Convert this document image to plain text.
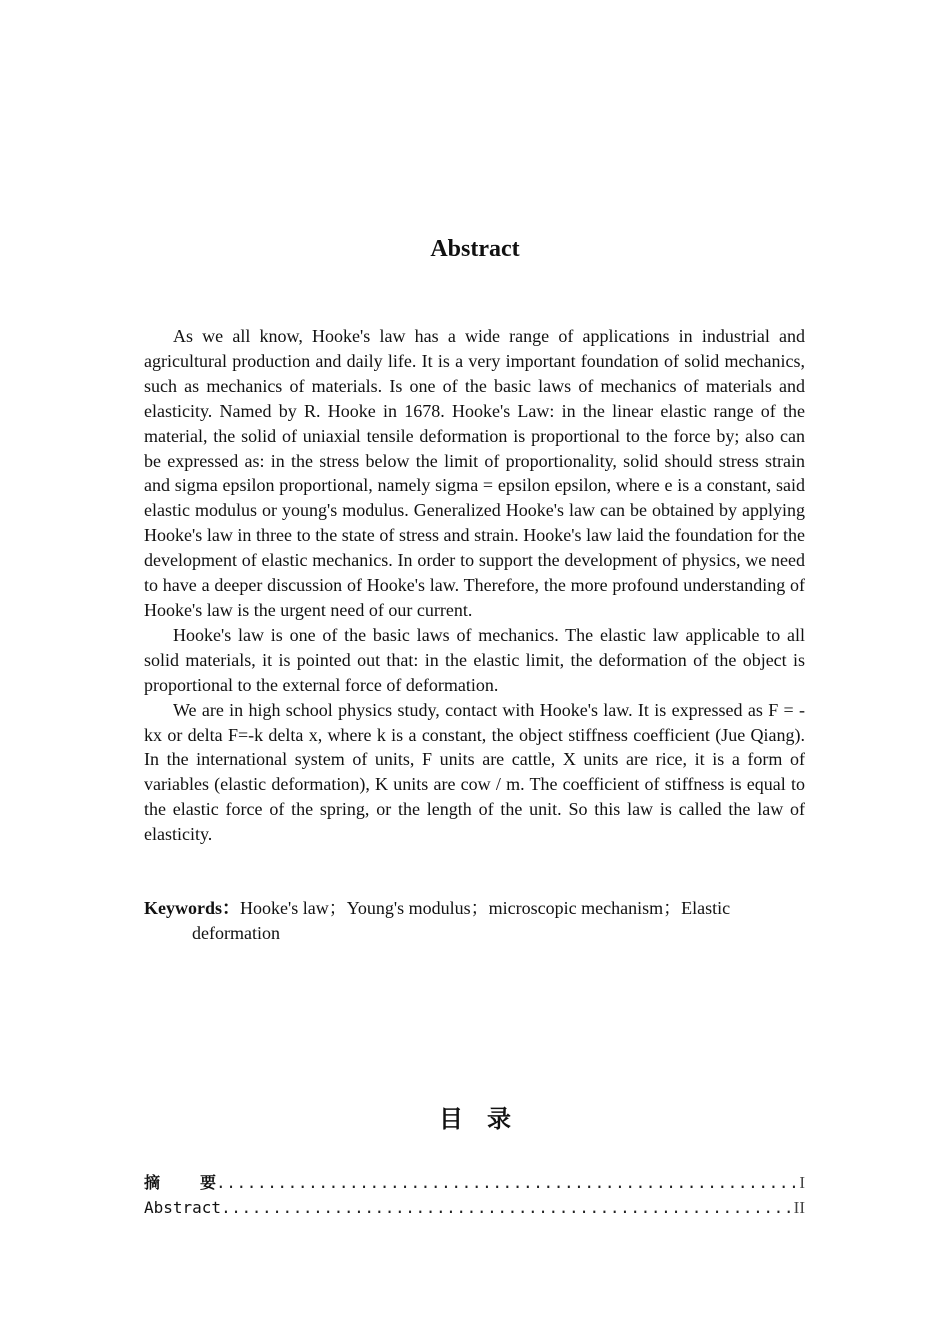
Abstract

As we all know, Hooke's law has a wide range of applications in industrial and agricultural production and daily life. It is a very important foundation of solid mechanics, such as mechanics of materials. Is one of the basic laws of mechanics of materials and elasticity. Named by R. Hooke in 1678. Hooke's Law: in the linear elastic range of the material, the solid of uniaxial tensile deformation is proportional to the force by; also can be expressed as: in the stress below the limit of proportionality, solid should stress strain and sigma epsilon proportional, namely sigma = epsilon epsilon, where e is a constant, said elastic modulus or young's modulus. Generalized Hooke's law can be obtained by applying Hooke's law in three to the state of stress and strain. Hooke's law laid the foundation for the development of elastic mechanics. In order to support the development of physics, we need to have a deeper discussion of Hooke's law. Therefore, the more profound understanding of Hooke's law is the urgent need of our current.

Hooke's law is one of the basic laws of mechanics. The elastic law applicable to all solid materials, it is pointed out that: in the elastic limit, the deformation of the object is proportional to the external force of deformation.

We are in high school physics study, contact with Hooke's law. It is expressed as F = -kx or delta F=-k delta x, where k is a constant, the object stiffness coefficient (Jue Qiang). In the international system of units, F units are cattle, X units are rice, it is a form of variables (elastic deformation), K units are cow / m. The coefficient of stiffness is equal to the elastic force of the spring, or the length of the unit. So this law is called the law of elasticity.

Keywords：Hooke's law；Young's modulus；microscopic mechanism；Elastic deformation
目 录
摘	要 .....	I
Abstract .....	II
